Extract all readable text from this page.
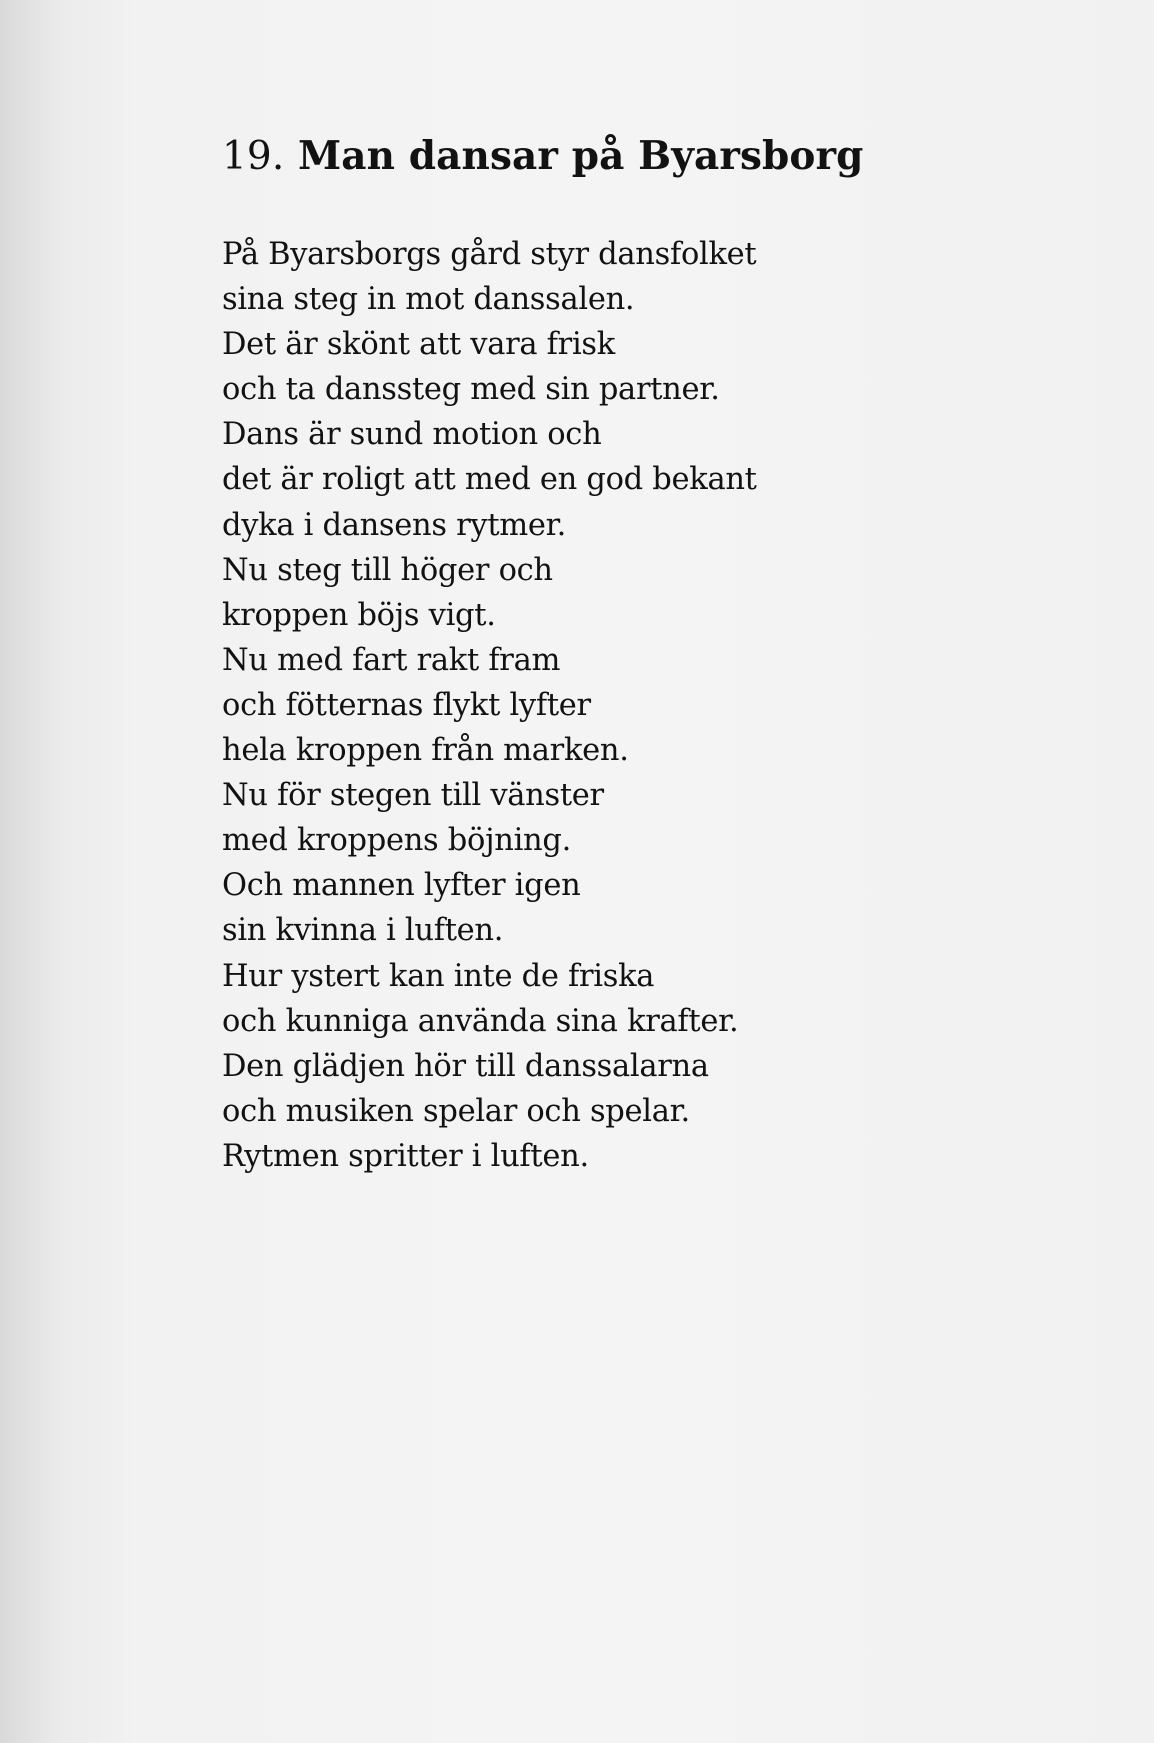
19. Man dansar på Byarsborg
På Byarsborgs gård styr dansfolket
sina steg in mot danssalen.
Det är skönt att vara frisk
och ta danssteg med sin partner.
Dans är sund motion och
det är roligt att med en god bekant
dyka i dansens rytmer.
Nu steg till höger och
kroppen böjs vigt.
Nu med fart rakt fram
och fötternas flykt lyfter
hela kroppen från marken.
Nu för stegen till vänster
med kroppens böjning.
Och mannen lyfter igen
sin kvinna i luften.
Hur ystert kan inte de friska
och kunniga använda sina krafter.
Den glädjen hör till danssalarna
och musiken spelar och spelar.
Rytmen spritter i luften.
